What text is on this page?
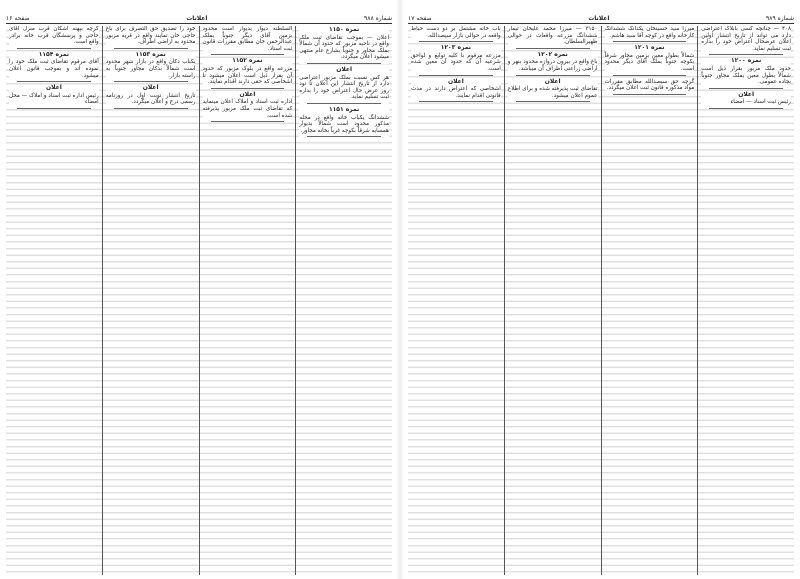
شماره ۹۸۸
اعلانات
صفحه ۱۶
نمره ۱۱۵۰

اعلان — بموجب تقاضای ثبت ملک واقع در ناحیه مزبور که حدود آن شمالاً بملک مجاور و جنوباً بشارع عام منتهی میشود اعلان میگردد.

اعلان

هر کس نسبت بملک مزبور اعتراضی دارد از تاریخ انتشار این اعلان تا نود روز عرض حال اعتراض خود را بداره ثبت تسلیم نماید.

نمره ۱۱۵۱

ششدانگ یکباب خانه واقع در محله مذکور محدود است شمالاً بدیوار همسایه شرقاً بکوچه غرباً بخانه مجاور.

السلطنه دیوار بدیوار است محدود بزمین آقای دیگر جنوباً بملک عبدالرحمن خان مطابق مقررات قانون ثبت اسناد.

نمره ۱۱۵۲

مزرعه واقع در بلوک مزبور که حدود آن بقرار ذیل است اعلان میشود تا اشخاصی که حقی دارند اقدام نمایند.

اعلان

اداره ثبت اسناد و املاک اعلان مینماید که تقاضای ثبت ملک مزبور پذیرفته شده است.

خود را تصدیق حق التصرف برای باغ حاجی خان نمایند واقع در قریه مزبور محدود به اراضی اطراف.

نمره ۱۱۵۳

یکباب دکان واقع در بازار شهر محدود است شمالاً بدکان مجاور جنوباً به راسته بازار.

اعلان

تاریخ انتشار نوبت اول در روزنامه رسمی درج و اعلان میگردد.

گرچه بپهنه اشکان قرب منزل آقای حاجی و پرسشگان قرب خانه برادر واقع است.

نمره ۱۱۵۴

آقای مرقوم تقاضای ثبت ملک خود را نموده اند و بموجب قانون اعلان میشود.

اعلان

رئیس اداره ثبت اسناد و املاک — محل امضاء

شماره ۹۸۹
اعلانات
صفحه ۱۷

۴۰۸ — چنانچه کسی بابلاک اعتراضی دارد می تواند از تاریخ انتشار اولین اعلان عرضحال اعتراض خود را بداره ثبت تسلیم نماید.

نمره ۱۲۰۰

حدود ملک مزبور بقرار ذیل است شمالاً بطول معین بملک مجاور جنوباً بجاده عمومی.

اعلان

رئیس ثبت اسناد — امضاء

میرزا سید حسینخان یکدانگ ششدانگ کارخانه واقع در کوچه آقا سید هاشم.

نمره ۱۲۰۱

شمالاً بطول معین بزمین مجاور شرقاً بکوچه جنوباً بملک آقای دیگر محدود است.

گرچه حق سیصدالله مطابق مقررات مواد مذکوره قانون ثبت اعلان میگردد.

۳۱۵۰ — میرزا محمد علیخان تیمار ششدانگ مزرعه واقعات در حوالی ظهیرالسلطان.

نمره ۱۲۰۲

باغ واقع در بیرون دروازه محدود بنهر و اراضی زراعتی اطراف آن میباشد.

اعلان

تقاضای ثبت پذیرفته شده و برای اطلاع عموم اعلان میشود.

باب خانه مشتمل بر دو دست حیاط واقعه در حوالی بازار سیصدالله.

نمره ۱۲۰۳

مزرعه مرقوم با کلیه توابع و لواحق شرعیه آن که حدود آن معین شده است.

اعلان

اشخاصی که اعتراض دارند در مدت قانونی اقدام نمایند.
